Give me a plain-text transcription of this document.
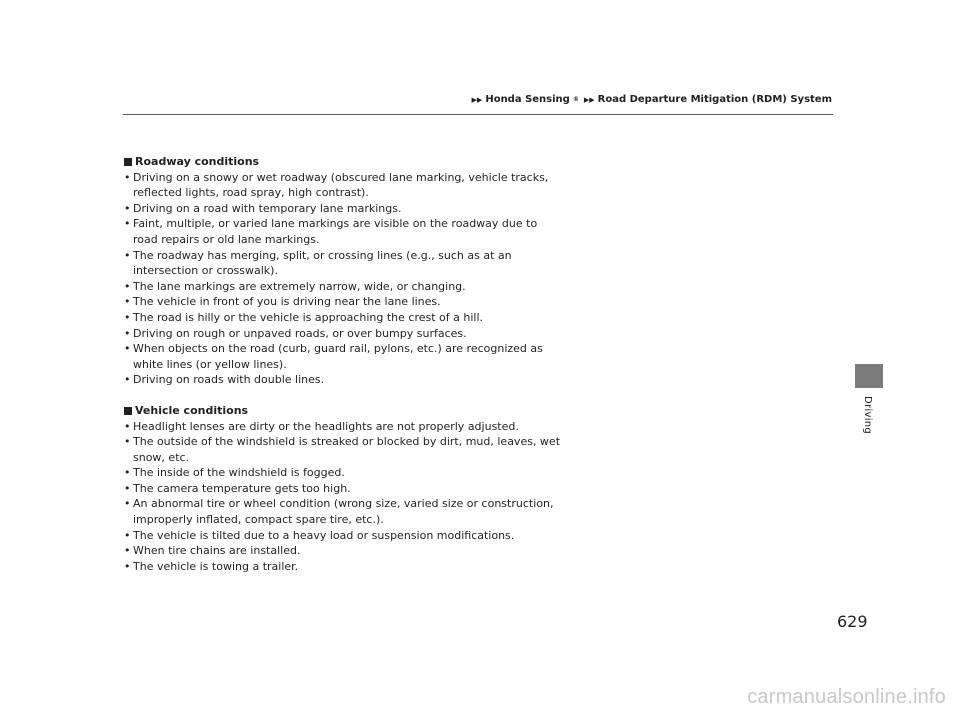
▶▶ Honda Sensing ® ▶▶ Road Departure Mitigation (RDM) System
Roadway conditions
• Driving on a snowy or wet roadway (obscured lane marking, vehicle tracks, reflected lights, road spray, high contrast).
• Driving on a road with temporary lane markings.
• Faint, multiple, or varied lane markings are visible on the roadway due to road repairs or old lane markings.
• The roadway has merging, split, or crossing lines (e.g., such as at an intersection or crosswalk).
• The lane markings are extremely narrow, wide, or changing.
• The vehicle in front of you is driving near the lane lines.
• The road is hilly or the vehicle is approaching the crest of a hill.
• Driving on rough or unpaved roads, or over bumpy surfaces.
• When objects on the road (curb, guard rail, pylons, etc.) are recognized as white lines (or yellow lines).
• Driving on roads with double lines.
Vehicle conditions
• Headlight lenses are dirty or the headlights are not properly adjusted.
• The outside of the windshield is streaked or blocked by dirt, mud, leaves, wet snow, etc.
• The inside of the windshield is fogged.
• The camera temperature gets too high.
• An abnormal tire or wheel condition (wrong size, varied size or construction, improperly inflated, compact spare tire, etc.).
• The vehicle is tilted due to a heavy load or suspension modifications.
• When tire chains are installed.
• The vehicle is towing a trailer.
Driving
629
carmanualsonline.info
